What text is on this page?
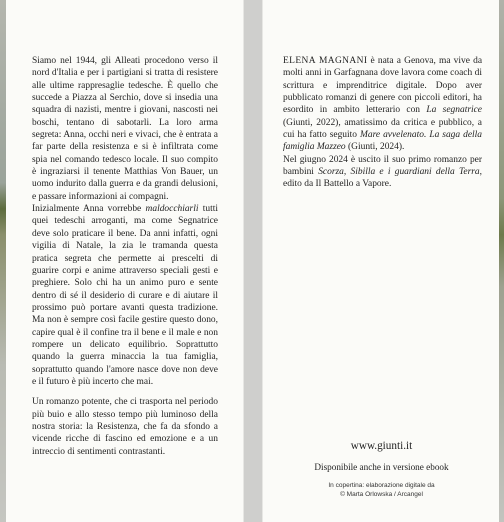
Siamo nel 1944, gli Alleati procedono verso il nord d'Italia e per i partigiani si tratta di resistere alle ultime rappresaglie tedesche. È quello che succede a Piazza al Serchio, dove si insedia una squadra di nazisti, mentre i giovani, nascosti nei boschi, tentano di sabotarli. La loro arma segreta: Anna, occhi neri e vivaci, che è entrata a far parte della resistenza e si è infiltrata come spia nel comando tedesco locale. Il suo compito è ingraziarsi il tenente Matthias Von Bauer, un uomo indurito dalla guerra e da grandi delusioni, e passare informazioni ai compagni.

Inizialmente Anna vorrebbe maldocchiarli tutti quei tedeschi arroganti, ma come Segnatrice deve solo praticare il bene. Da anni infatti, ogni vigilia di Natale, la zia le tramanda questa pratica segreta che permette ai prescelti di guarire corpi e anime attraverso speciali gesti e preghiere. Solo chi ha un animo puro e sente dentro di sé il desiderio di curare e di aiutare il prossimo può portare avanti questa tradizione. Ma non è sempre così facile gestire questo dono, capire qual è il confine tra il bene e il male e non rompere un delicato equilibrio. Soprattutto quando la guerra minaccia la tua famiglia, soprattutto quando l'amore nasce dove non deve e il futuro è più incerto che mai.

Un romanzo potente, che ci trasporta nel periodo più buio e allo stesso tempo più luminoso della nostra storia: la Resistenza, che fa da sfondo a vicende ricche di fascino ed emozione e a un intreccio di sentimenti contrastanti.

ELENA MAGNANI è nata a Genova, ma vive da molti anni in Garfagnana dove lavora come coach di scrittura e imprenditrice digitale. Dopo aver pubblicato romanzi di genere con piccoli editori, ha esordito in ambito letterario con La segnatrice (Giunti, 2022), amatissimo da critica e pubblico, a cui ha fatto seguito Mare avvelenato. La saga della famiglia Mazzeo (Giunti, 2024).

Nel giugno 2024 è uscito il suo primo romanzo per bambini Scorza, Sibilla e i guardiani della Terra, edito da Il Battello a Vapore.

www.giunti.it
Disponibile anche in versione ebook
In copertina: elaborazione digitale da
© Marta Orlowska / Arcangel
